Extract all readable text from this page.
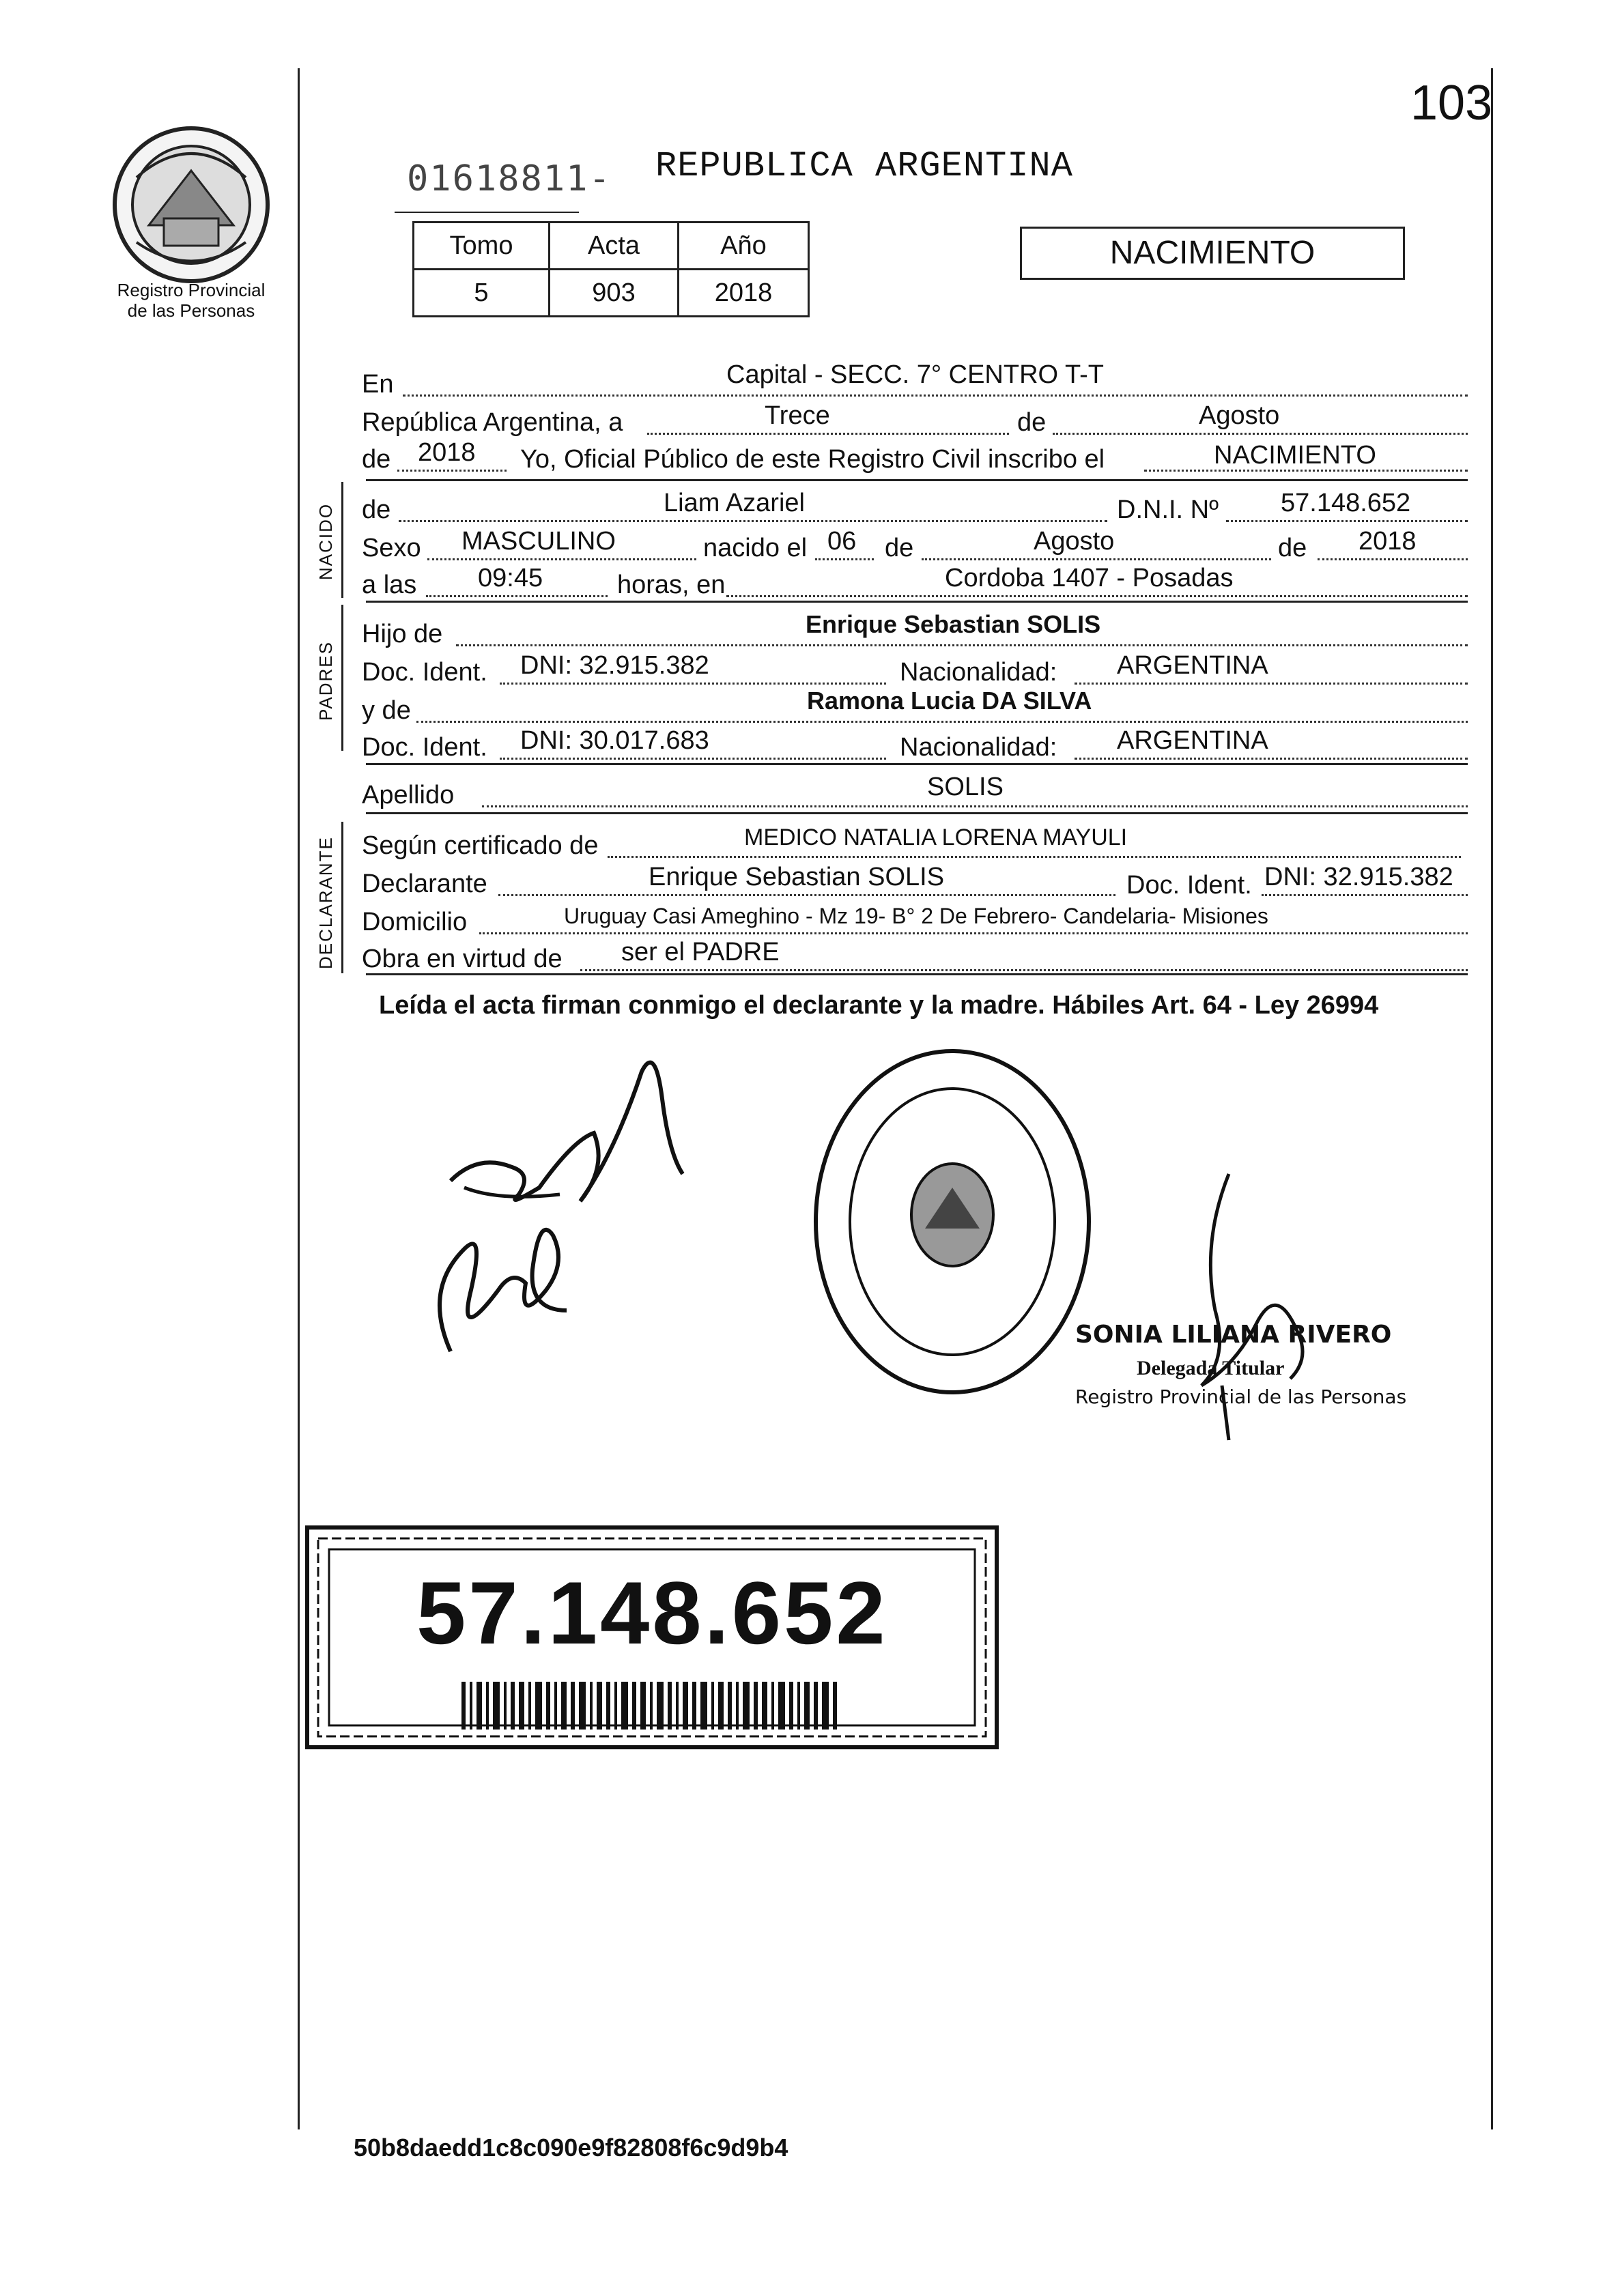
Registro Provincial
de las Personas
103
01618811- REPUBLICA ARGENTINA
Tomo	Acta	Año
5	903	2018
NACIMIENTO
En	Capital - SECC. 7° CENTRO T-T
República Argentina, a	Trece	de	Agosto
de 2018 Yo, Oficial Público de este Registro Civil inscribo el	NACIMIENTO
NACIDO de	Liam Azariel	D.N.I. Nº 57.148.652
Sexo MASCULINO	nacido el 06 de	Agosto	de 2018
a las 09:45	horas, en	Cordoba 1407 - Posadas
PADRES
Hijo de	Enrique Sebastian SOLIS
Doc. Ident. DNI: 32.915.382	Nacionalidad: ARGENTINA
y de	Ramona Lucia DA SILVA
Doc. Ident. DNI: 30.017.683	Nacionalidad: ARGENTINA
Apellido	SOLIS
DECLARANTE Según certificado de	MEDICO NATALIA LORENA MAYULI
Declarante	Enrique Sebastian SOLIS	Doc. Ident. DNI: 32.915.382
Domicilio	Uruguay Casi Ameghino - Mz 19- B° 2 De Febrero- Candelaria- Misiones
Obra en virtud de ser el PADRE
Leída el acta firman conmigo el declarante y la madre. Hábiles Art. 64 - Ley 26994
SONIA LILIANA RIVERO
Delegada Titular
Registro Provincial de las Personas
57.148.652
50b8daedd1c8c090e9f82808f6c9d9b4
